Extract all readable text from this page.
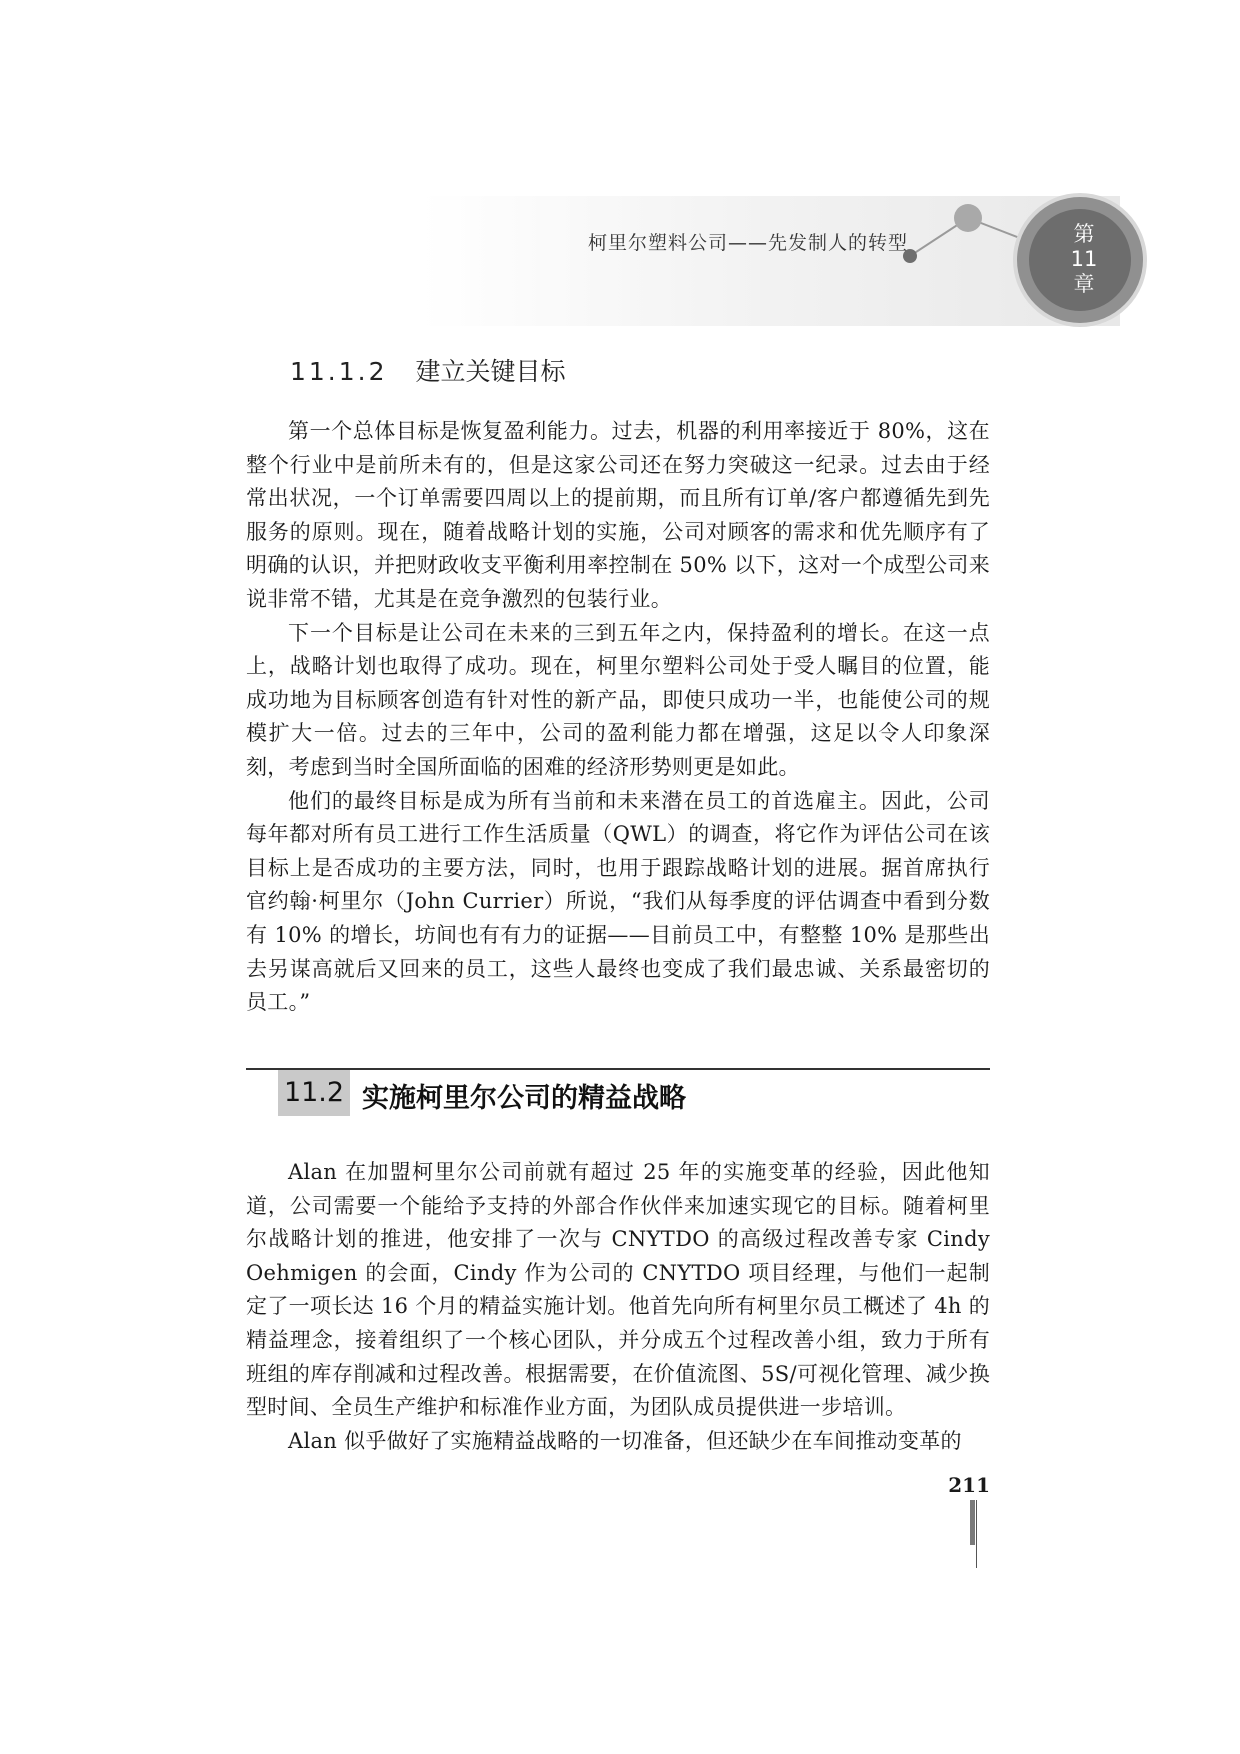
柯里尔塑料公司——先发制人的转型	第
11
章
11.1.2 建立关键目标

第一个总体目标是恢复盈利能力。过去，机器的利用率接近于 80%，这在整个行业中是前所未有的，但是这家公司还在努力突破这一纪录。过去由于经常出状况，一个订单需要四周以上的提前期，而且所有订单/客户都遵循先到先服务的原则。现在，随着战略计划的实施，公司对顾客的需求和优先顺序有了明确的认识，并把财政收支平衡利用率控制在 50% 以下，这对一个成型公司来说非常不错，尤其是在竞争激烈的包装行业。

下一个目标是让公司在未来的三到五年之内，保持盈利的增长。在这一点上，战略计划也取得了成功。现在，柯里尔塑料公司处于受人瞩目的位置，能成功地为目标顾客创造有针对性的新产品，即使只成功一半，也能使公司的规模扩大一倍。过去的三年中，公司的盈利能力都在增强，这足以令人印象深刻，考虑到当时全国所面临的困难的经济形势则更是如此。

他们的最终目标是成为所有当前和未来潜在员工的首选雇主。因此，公司每年都对所有员工进行工作生活质量（QWL）的调查，将它作为评估公司在该目标上是否成功的主要方法，同时，也用于跟踪战略计划的进展。据首席执行官约翰·柯里尔（John Currier）所说，“我们从每季度的评估调查中看到分数有 10% 的增长，坊间也有有力的证据——目前员工中，有整整 10% 是那些出去另谋高就后又回来的员工，这些人最终也变成了我们最忠诚、关系最密切的员工。”

11.2 实施柯里尔公司的精益战略

Alan 在加盟柯里尔公司前就有超过 25 年的实施变革的经验，因此他知道，公司需要一个能给予支持的外部合作伙伴来加速实现它的目标。随着柯里尔战略计划的推进，他安排了一次与 CNYTDO 的高级过程改善专家 Cindy Oehmigen 的会面，Cindy 作为公司的 CNYTDO 项目经理，与他们一起制定了一项长达 16 个月的精益实施计划。他首先向所有柯里尔员工概述了 4h 的精益理念，接着组织了一个核心团队，并分成五个过程改善小组，致力于所有班组的库存削减和过程改善。根据需要，在价值流图、5S/可视化管理、减少换型时间、全员生产维护和标准作业方面，为团队成员提供进一步培训。

Alan 似乎做好了实施精益战略的一切准备，但还缺少在车间推动变革的

211
